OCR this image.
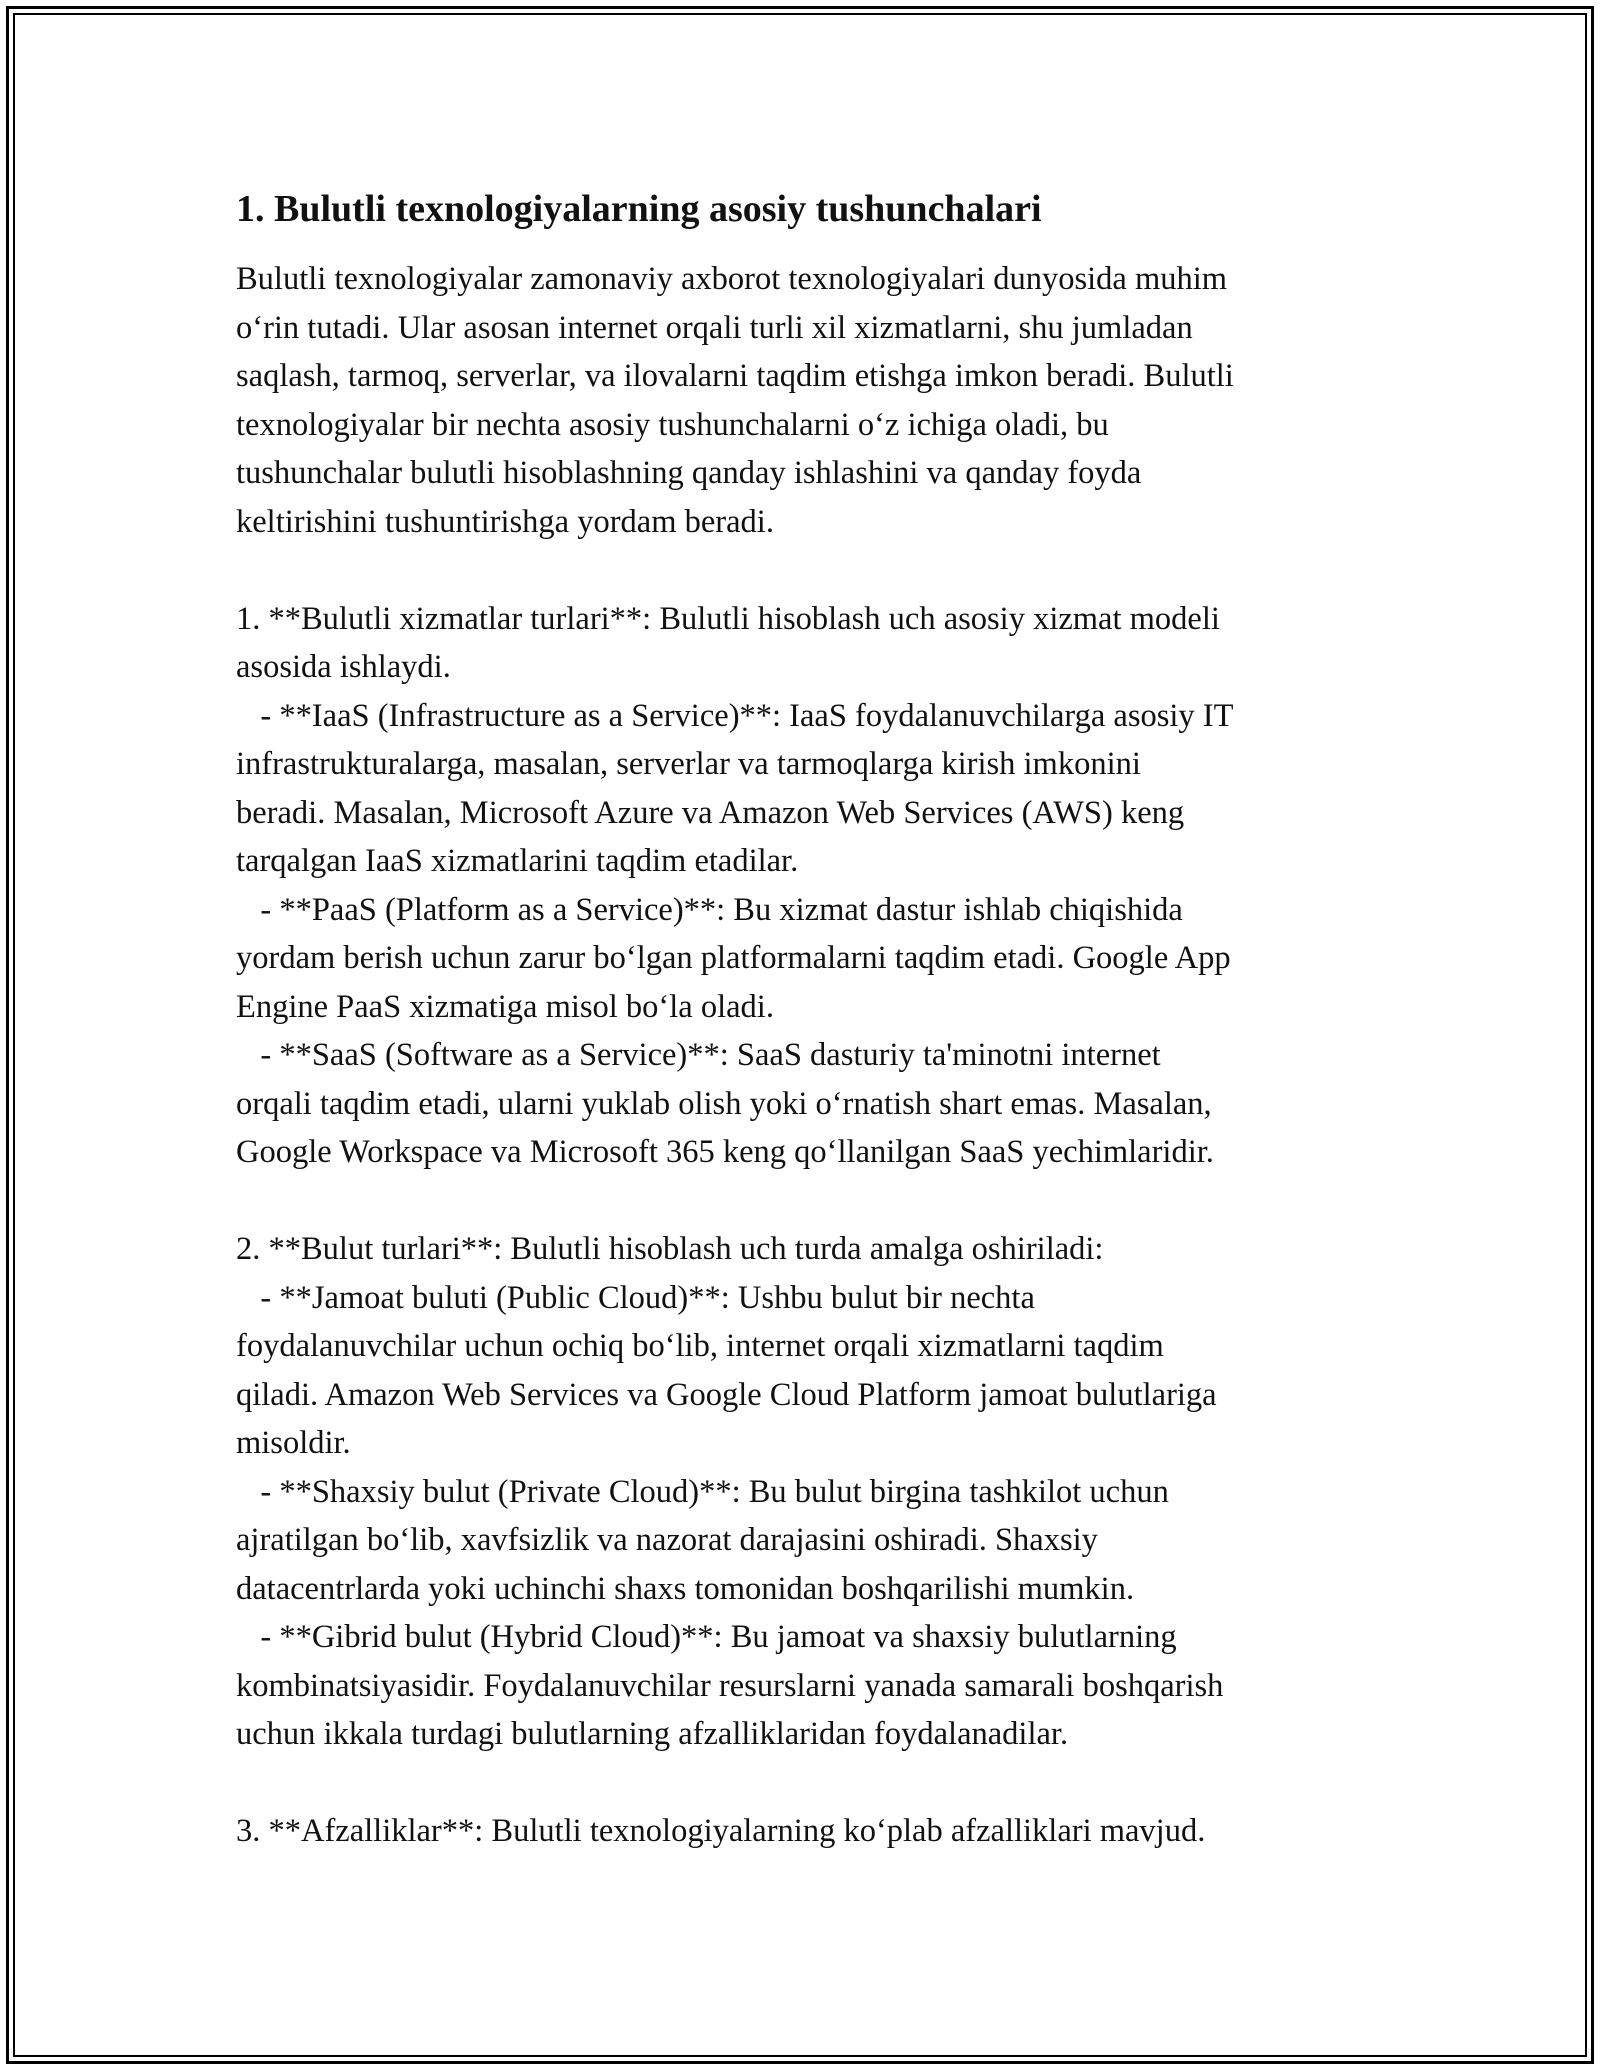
1. Bulutli texnologiyalarning asosiy tushunchalari
Bulutli texnologiyalar zamonaviy axborot texnologiyalari dunyosida muhim
o‘rin tutadi. Ular asosan internet orqali turli xil xizmatlarni, shu jumladan
saqlash, tarmoq, serverlar, va ilovalarni taqdim etishga imkon beradi. Bulutli
texnologiyalar bir nechta asosiy tushunchalarni o‘z ichiga oladi, bu
tushunchalar bulutli hisoblashning qanday ishlashini va qanday foyda
keltirishini tushuntirishga yordam beradi.
1. **Bulutli xizmatlar turlari**: Bulutli hisoblash uch asosiy xizmat modeli
asosida ishlaydi.
- **IaaS (Infrastructure as a Service)**: IaaS foydalanuvchilarga asosiy IT
infrastrukturalarga, masalan, serverlar va tarmoqlarga kirish imkonini
beradi. Masalan, Microsoft Azure va Amazon Web Services (AWS) keng
tarqalgan IaaS xizmatlarini taqdim etadilar.
- **PaaS (Platform as a Service)**: Bu xizmat dastur ishlab chiqishida
yordam berish uchun zarur bo‘lgan platformalarni taqdim etadi. Google App
Engine PaaS xizmatiga misol bo‘la oladi.
- **SaaS (Software as a Service)**: SaaS dasturiy ta'minotni internet
orqali taqdim etadi, ularni yuklab olish yoki o‘rnatish shart emas. Masalan,
Google Workspace va Microsoft 365 keng qo‘llanilgan SaaS yechimlaridir.
2. **Bulut turlari**: Bulutli hisoblash uch turda amalga oshiriladi:
- **Jamoat buluti (Public Cloud)**: Ushbu bulut bir nechta
foydalanuvchilar uchun ochiq bo‘lib, internet orqali xizmatlarni taqdim
qiladi. Amazon Web Services va Google Cloud Platform jamoat bulutlariga
misoldir.
- **Shaxsiy bulut (Private Cloud)**: Bu bulut birgina tashkilot uchun
ajratilgan bo‘lib, xavfsizlik va nazorat darajasini oshiradi. Shaxsiy
datacentrlarda yoki uchinchi shaxs tomonidan boshqarilishi mumkin.
- **Gibrid bulut (Hybrid Cloud)**: Bu jamoat va shaxsiy bulutlarning
kombinatsiyasidir. Foydalanuvchilar resurslarni yanada samarali boshqarish
uchun ikkala turdagi bulutlarning afzalliklaridan foydalanadilar.
3. **Afzalliklar**: Bulutli texnologiyalarning ko‘plab afzalliklari mavjud.
